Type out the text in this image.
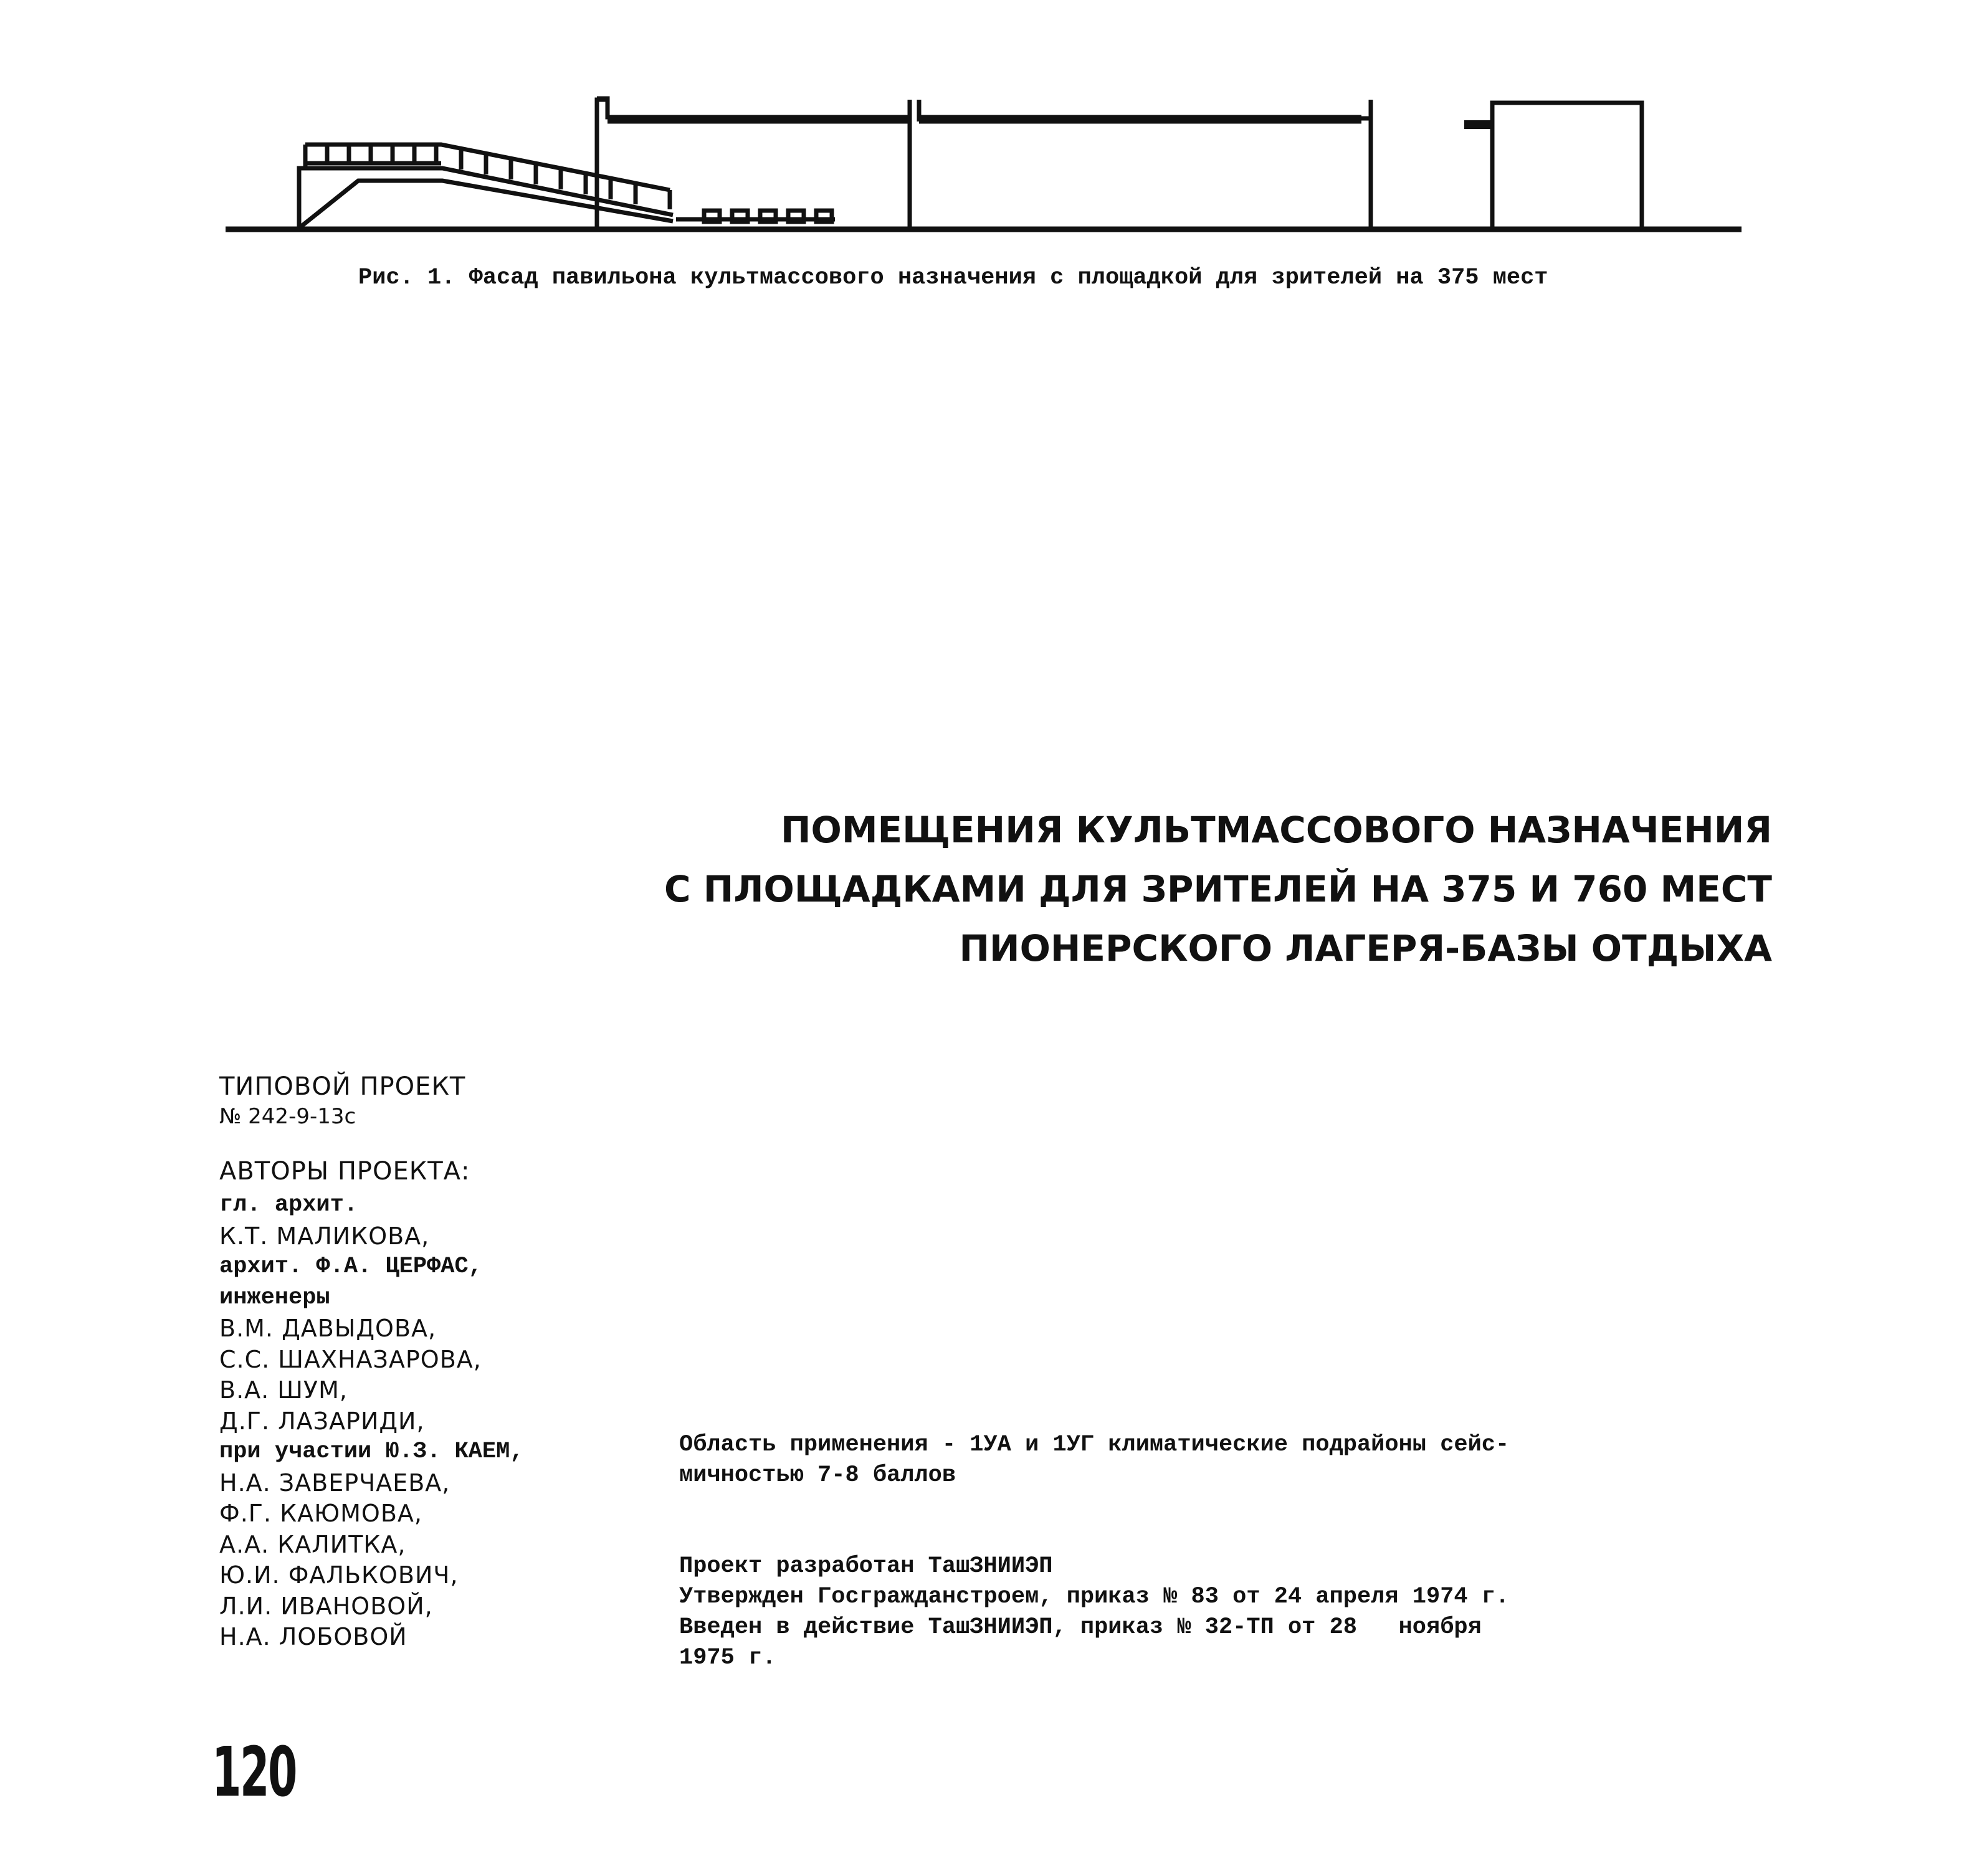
Рис. 1. Фасад павильона культмассового назначения с площадкой для зрителей на 375 мест
ПОМЕЩЕНИЯ КУЛЬТМАССОВОГО НАЗНАЧЕНИЯ
С ПЛОЩАДКАМИ ДЛЯ ЗРИТЕЛЕЙ НА 375 И 760 МЕСТ
ПИОНЕРСКОГО ЛАГЕРЯ-БАЗЫ ОТДЫХА
ТИПОВОЙ ПРОЕКТ
№ 242-9-13с
АВТОРЫ ПРОЕКТА:
гл. архит.
К.Т. МАЛИКОВА,
архит. Ф.А. ЦЕРФАС,
инженеры
В.М. ДАВЫДОВА,
С.С. ШАХНАЗАРОВА,
В.А. ШУМ,
Д.Г. ЛАЗАРИДИ,
при участии Ю.З. КАЕМ,
Н.А. ЗАВЕРЧАЕВА,
Ф.Г. КАЮМОВА,
А.А. КАЛИТКА,
Ю.И. ФАЛЬКОВИЧ,
Л.И. ИВАНОВОЙ,
Н.А. ЛОБОВОЙ
Область применения - 1УА и 1УГ климатические подрайоны сейс-
мичностью 7-8 баллов
Проект разработан ТашЗНИИЭП
Утвержден Госгражданстроем, приказ № 83 от 24 апреля 1974 г.
Введен в действие ТашЗНИИЭП, приказ № 32-ТП от 28   ноября
1975 г.
120
